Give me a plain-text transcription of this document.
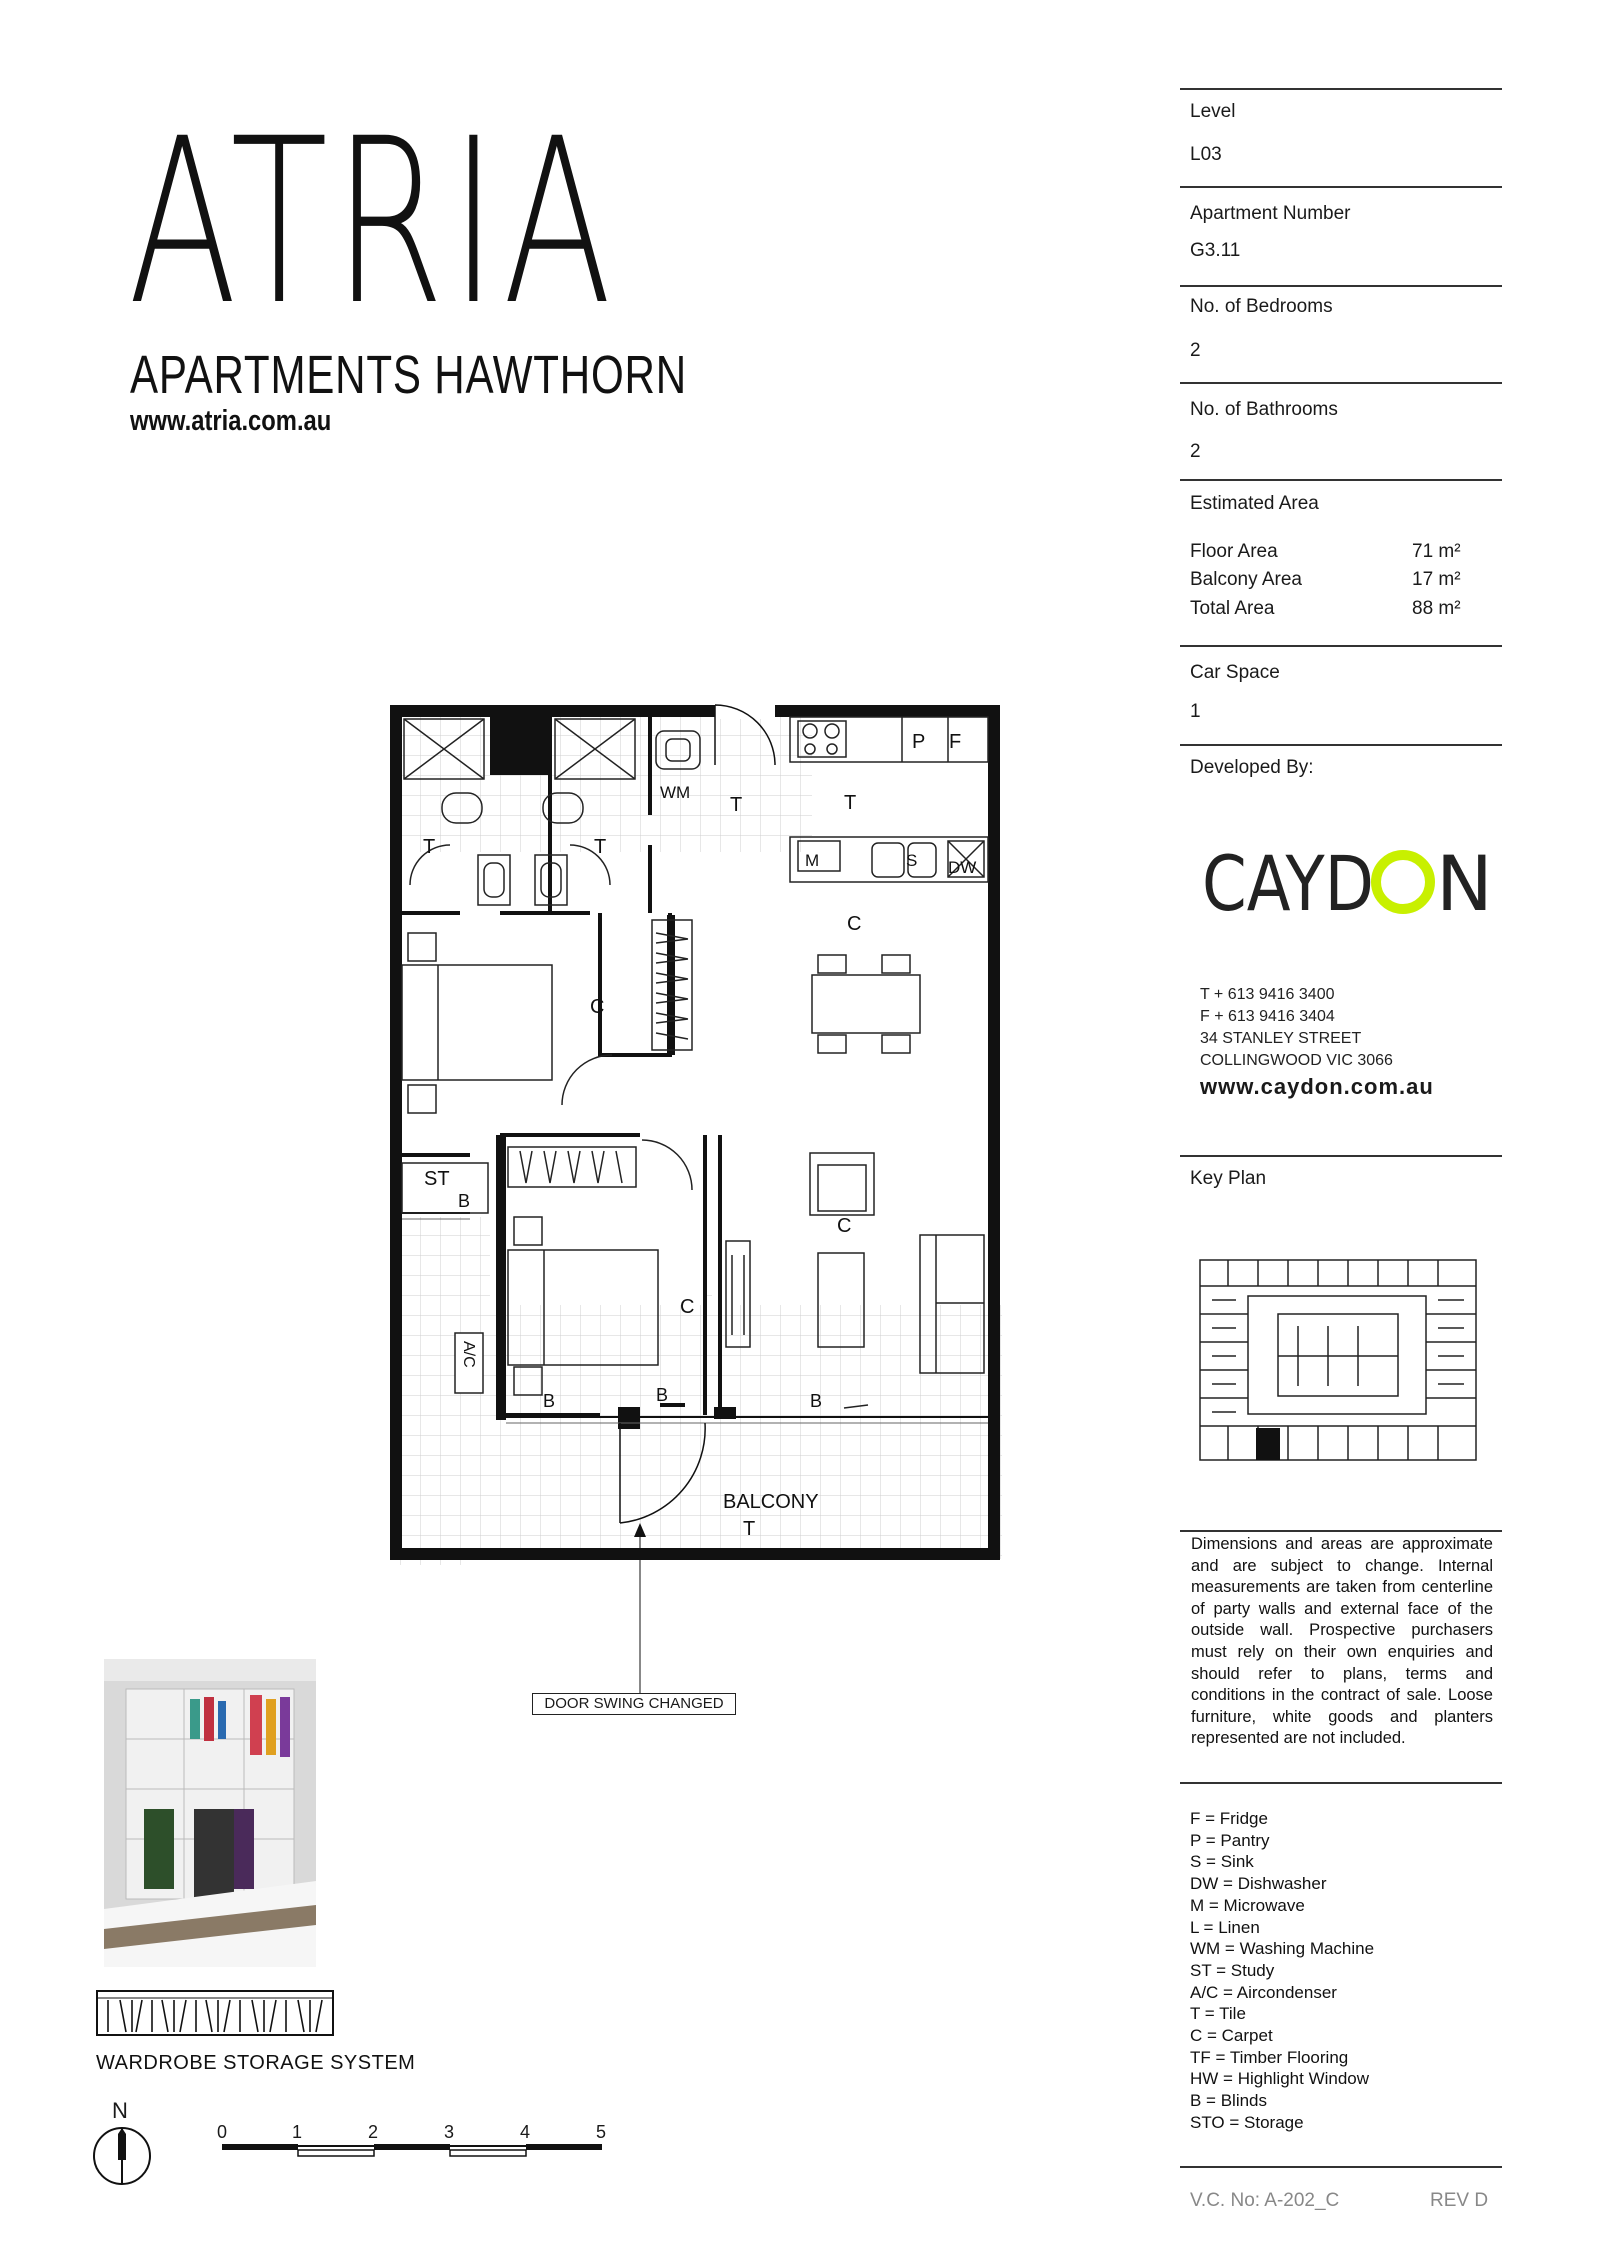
ATRIA
APARTMENTS HAWTHORN
www.atria.com.au
Level
L03
Apartment Number
G3.11
No. of Bedrooms
2
No. of Bathrooms
2
Estimated Area
Floor Area	71 m²
Balcony Area	17 m²
Total Area	88 m²
Car Space
1
Developed By:
CAYD N
T + 613 9416 3400
F + 613 9416 3404
34 STANLEY STREET
COLLINGWOOD VIC 3066
www.caydon.com.au
Key Plan
Dimensions and areas are approximate and are subject to change. Internal measurements are taken from centerline of party walls and external face of the outside wall. Prospective purchasers must rely on their own enquiries and should refer to plans, terms and conditions in the contract of sale. Loose furniture, white goods and planters represented are not included.
F = Fridge
P = Pantry
S = Sink
DW = Dishwasher
M = Microwave
L = Linen
WM = Washing Machine
ST = Study
A/C = Aircondenser
T = Tile
C = Carpet
TF = Timber Flooring
HW = Highlight Window
B = Blinds
STO = Storage
V.C. No: A-202_C	REV D
T	T
T	T
T
WM
P F
M	S DW
C
C
C
C
ST
B
B	B	B
A/C
BALCONY
DOOR SWING CHANGED
WARDROBE STORAGE SYSTEM
N
0	1	2	3	4	5
